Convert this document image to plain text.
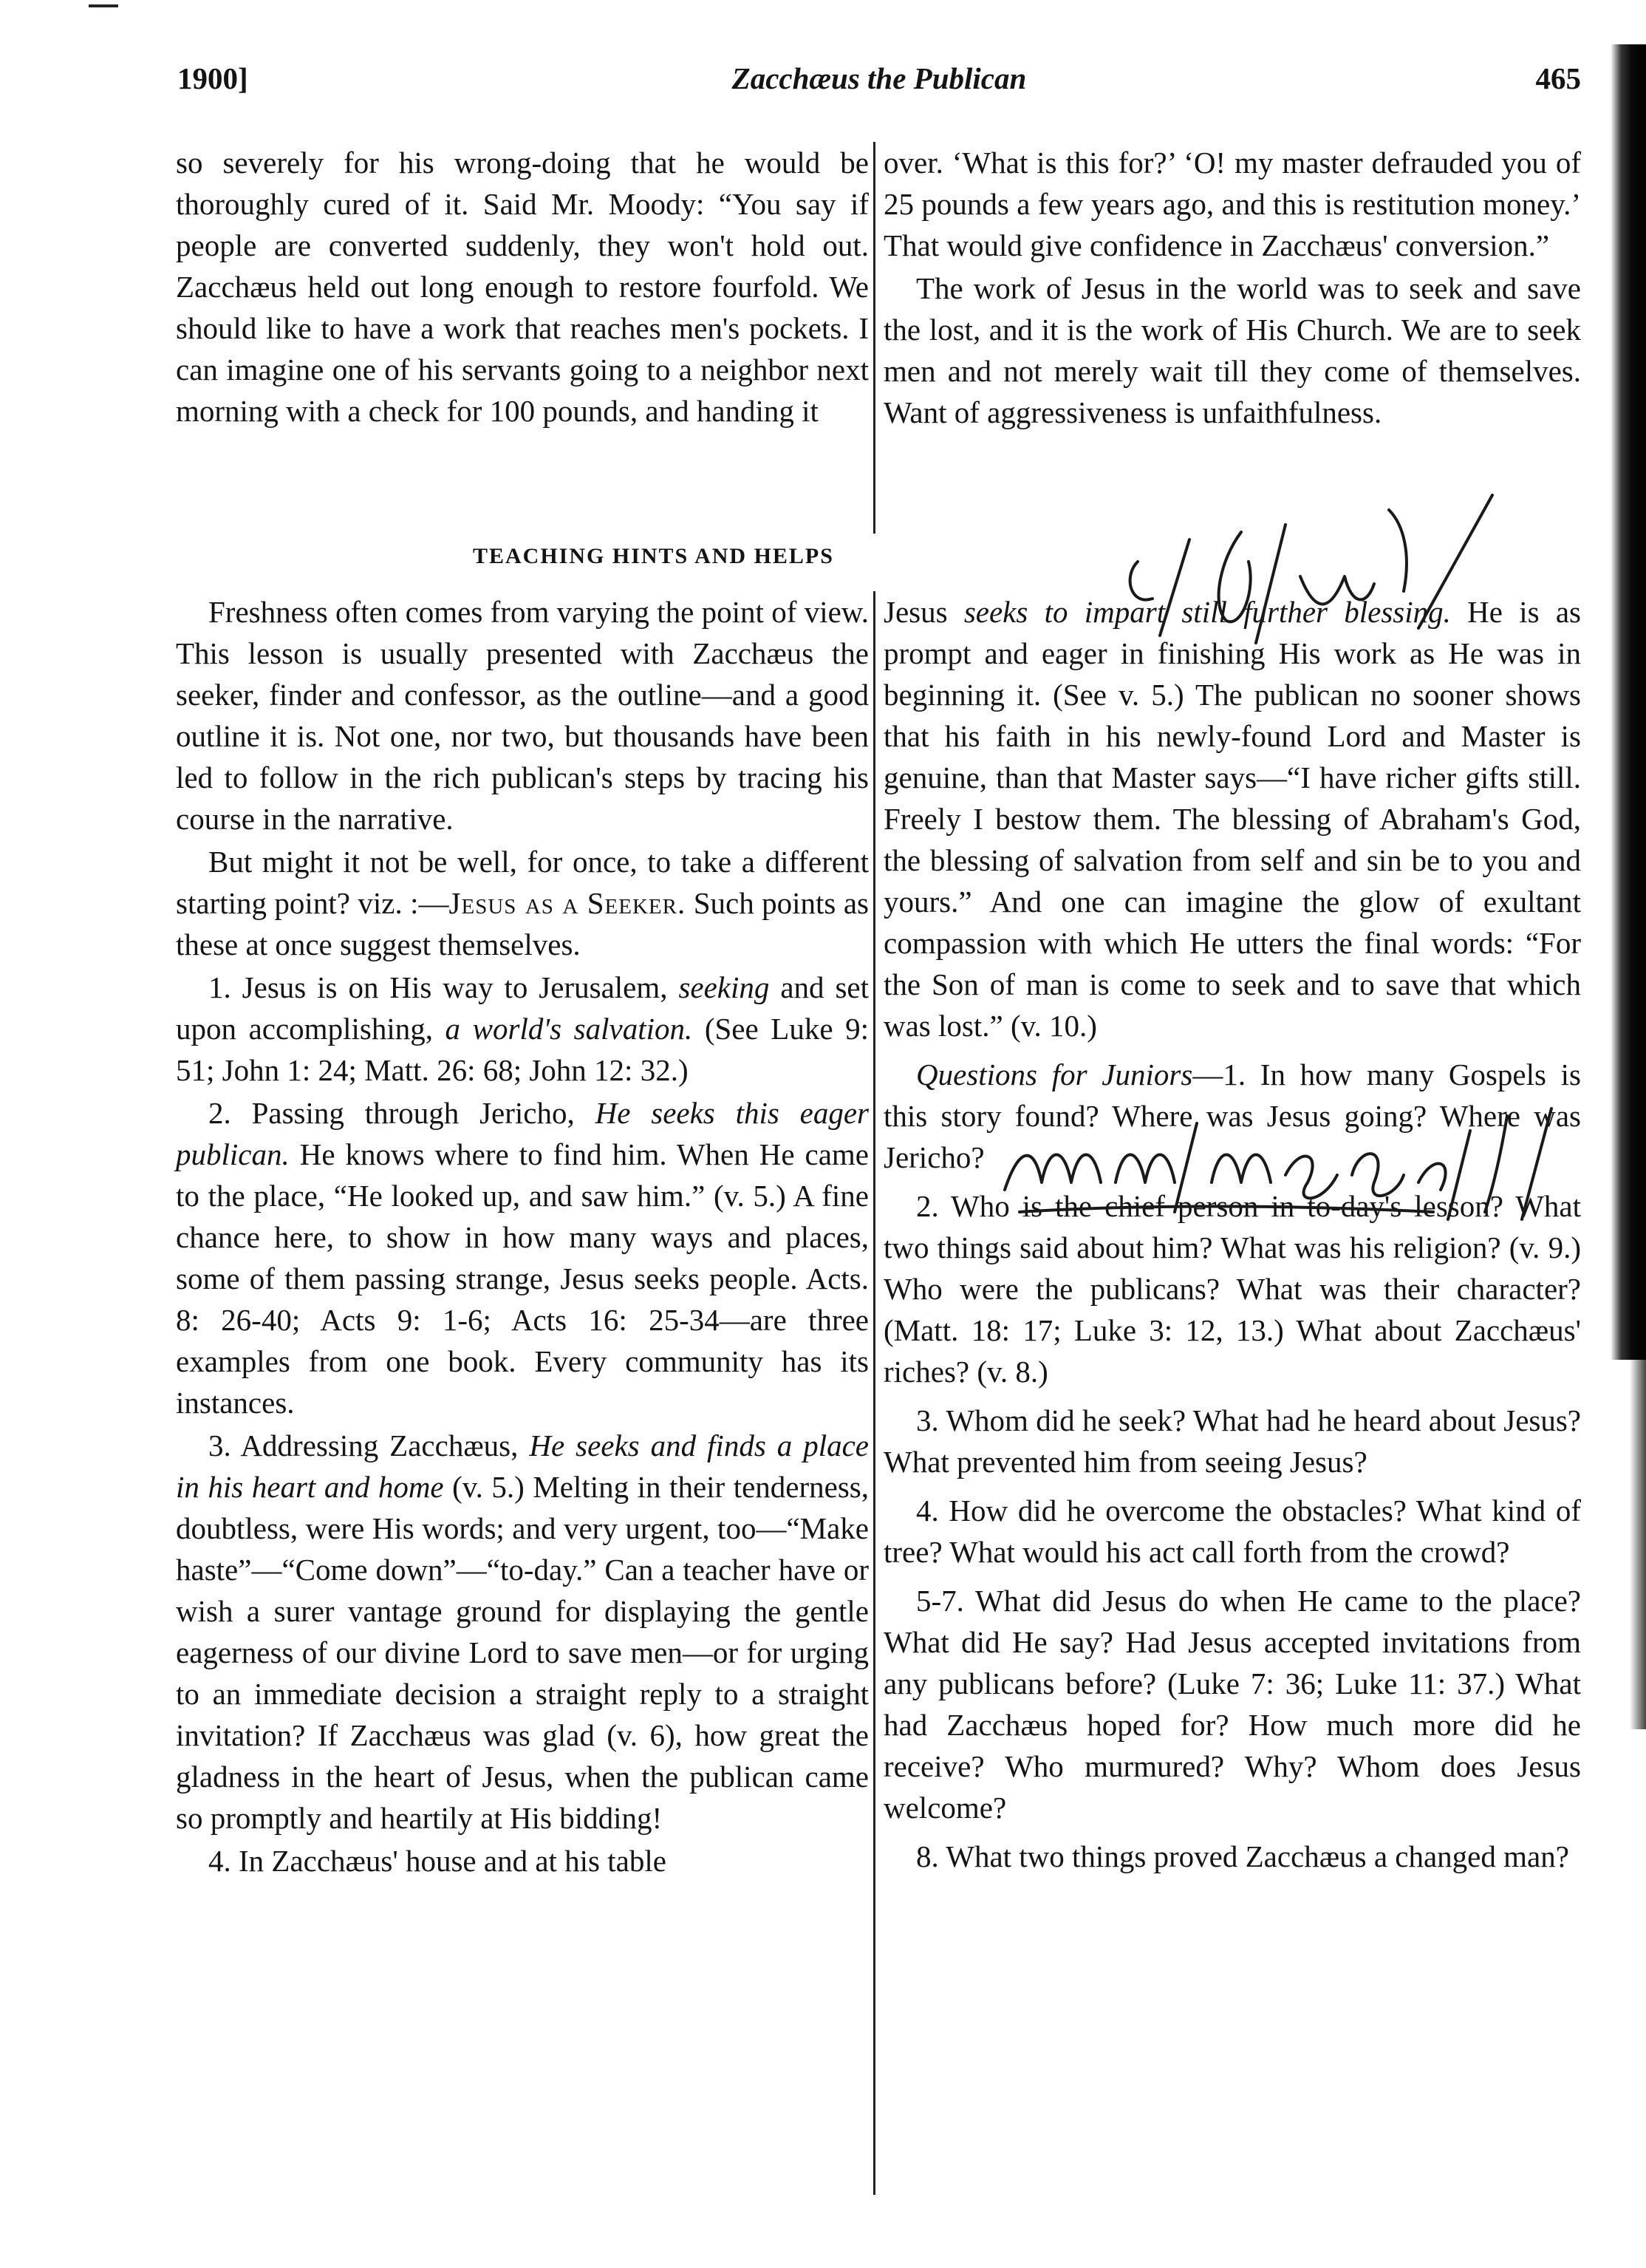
1900]	Zacchæus the Publican	465

so severely for his wrong-doing that he would be thoroughly cured of it. Said Mr. Moody: “You say if people are converted suddenly, they won't hold out. Zacchæus held out long enough to restore fourfold. We should like to have a work that reaches men's pockets. I can imagine one of his servants going to a neighbor next morning with a check for 100 pounds, and handing it

over. ‘What is this for?’ ‘O! my master defrauded you of 25 pounds a few years ago, and this is restitution money.’ That would give confidence in Zacchæus' conversion.”

The work of Jesus in the world was to seek and save the lost, and it is the work of His Church. We are to seek men and not merely wait till they come of themselves. Want of aggressiveness is unfaithfulness.

TEACHING HINTS AND HELPS

Freshness often comes from varying the point of view. This lesson is usually presented with Zacchæus the seeker, finder and confessor, as the outline—and a good outline it is. Not one, nor two, but thousands have been led to follow in the rich publican's steps by tracing his course in the narrative.

But might it not be well, for once, to take a different starting point? viz. :—Jesus as a Seeker. Such points as these at once suggest themselves.

1. Jesus is on His way to Jerusalem, seeking and set upon accomplishing, a world's salvation. (See Luke 9: 51; John 1: 24; Matt. 26: 68; John 12: 32.)

2. Passing through Jericho, He seeks this eager publican. He knows where to find him. When He came to the place, “He looked up, and saw him.” (v. 5.) A fine chance here, to show in how many ways and places, some of them passing strange, Jesus seeks people. Acts. 8: 26-40; Acts 9: 1-6; Acts 16: 25-34—are three examples from one book. Every community has its instances.

3. Addressing Zacchæus, He seeks and finds a place in his heart and home (v. 5.) Melting in their tenderness, doubtless, were His words; and very urgent, too—“Make haste”—“Come down”—“to-day.” Can a teacher have or wish a surer vantage ground for displaying the gentle eagerness of our divine Lord to save men—or for urging to an immediate decision a straight reply to a straight invitation? If Zacchæus was glad (v. 6), how great the gladness in the heart of Jesus, when the publican came so promptly and heartily at His bidding!

4. In Zacchæus' house and at his table

Jesus seeks to impart still further blessing. He is as prompt and eager in finishing His work as He was in beginning it. (See v. 5.) The publican no sooner shows that his faith in his newly-found Lord and Master is genuine, than that Master says—“I have richer gifts still. Freely I bestow them. The blessing of Abraham's God, the blessing of salvation from self and sin be to you and yours.” And one can imagine the glow of exultant compassion with which He utters the final words: “For the Son of man is come to seek and to save that which was lost.” (v. 10.)

Questions for Juniors—1. In how many Gospels is this story found? Where was Jesus going? Where was Jericho?

2. Who is the chief person in to-day's lesson? What two things said about him? What was his religion? (v. 9.) Who were the publicans? What was their character? (Matt. 18: 17; Luke 3: 12, 13.) What about Zacchæus' riches? (v. 8.)

3. Whom did he seek? What had he heard about Jesus? What prevented him from seeing Jesus?

4. How did he overcome the obstacles? What kind of tree? What would his act call forth from the crowd?

5-7. What did Jesus do when He came to the place? What did He say? Had Jesus accepted invitations from any publicans before? (Luke 7: 36; Luke 11: 37.) What had Zacchæus hoped for? How much more did he receive? Who murmured? Why? Whom does Jesus welcome?

8. What two things proved Zacchæus a changed man?
